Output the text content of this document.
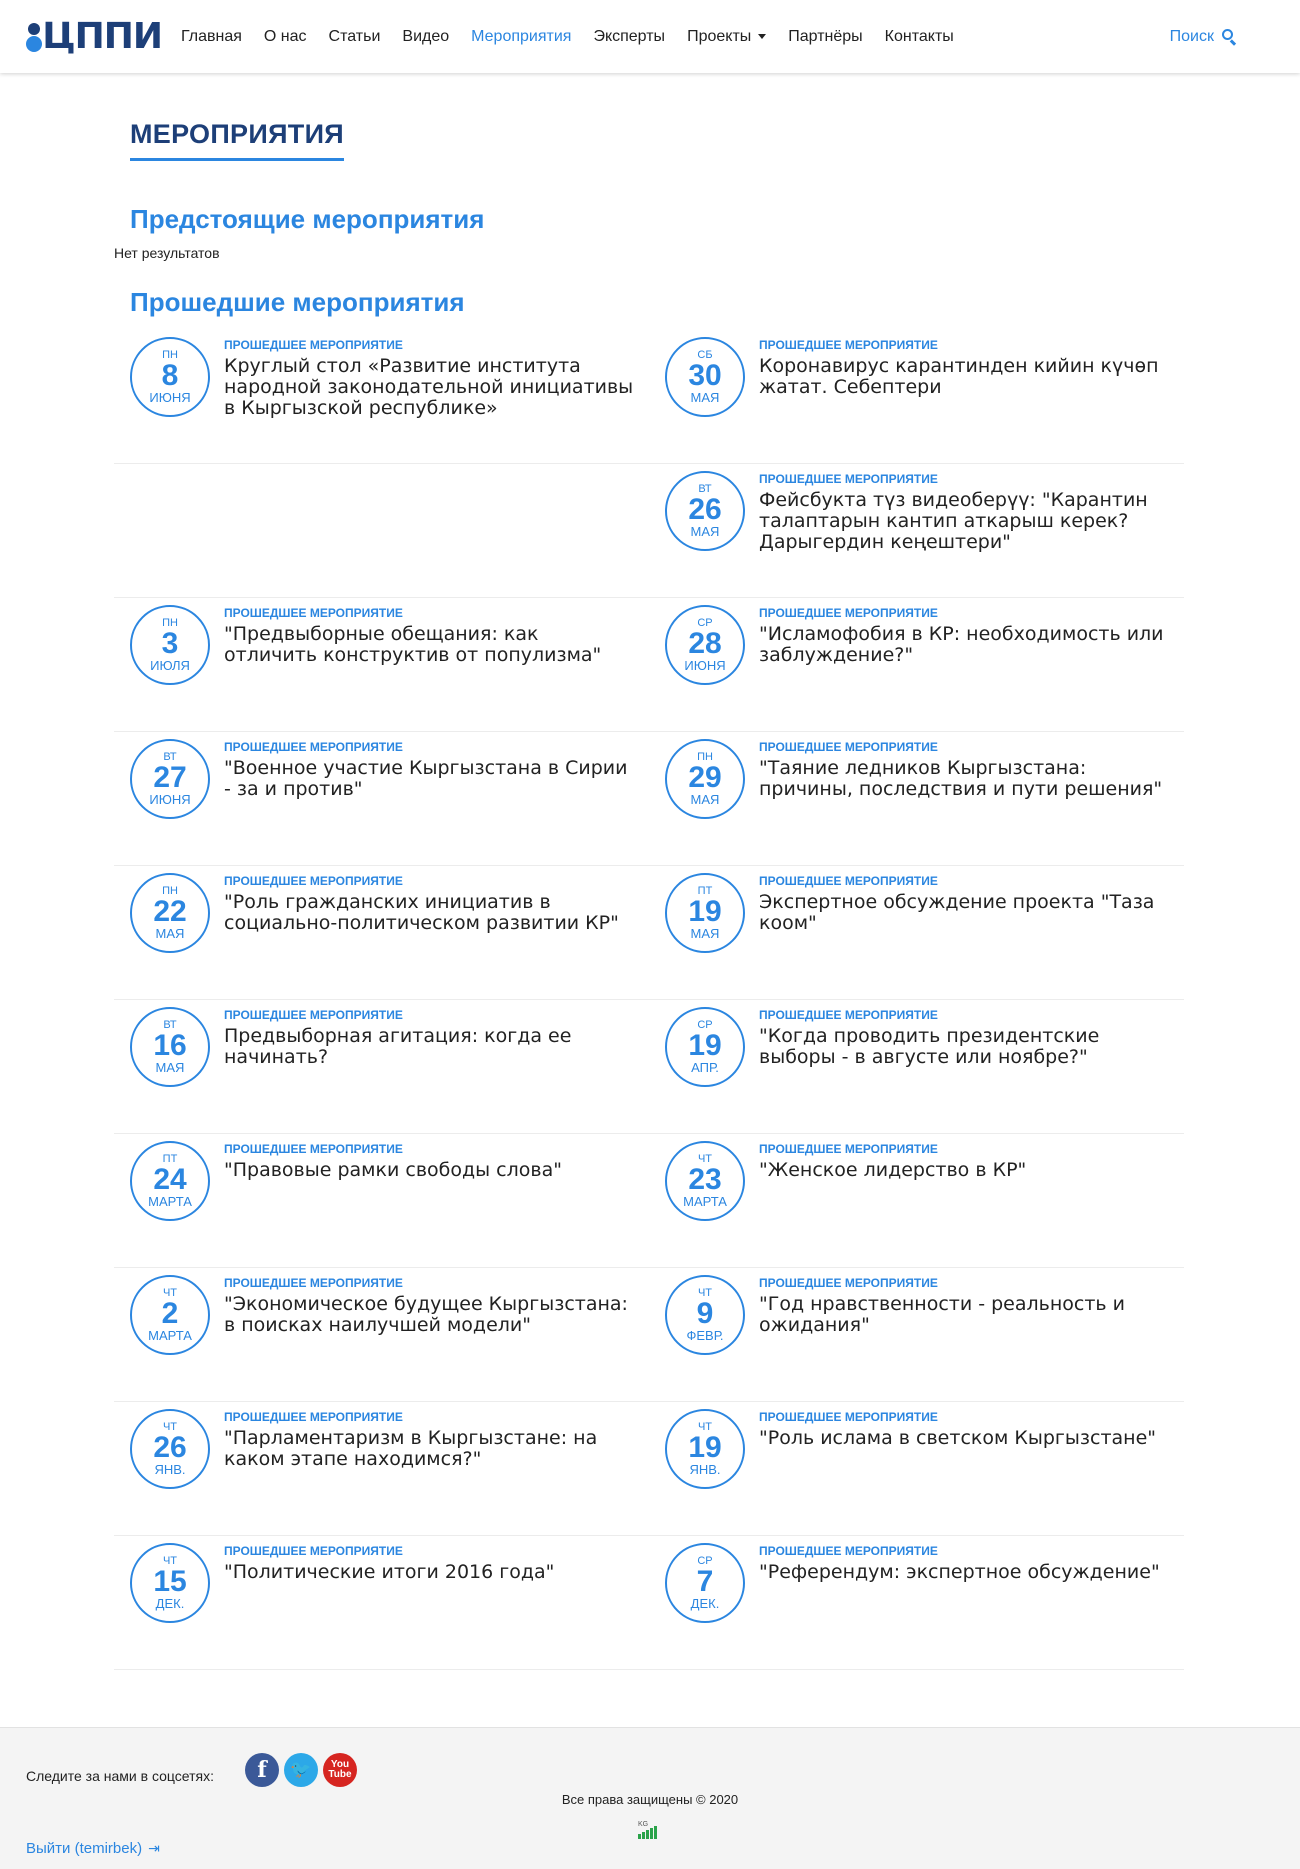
ЦППИ Главная О нас Статьи Видео Мероприятия Эксперты Проекты	Партнёры Контакты	Поиск
МЕРОПРИЯТИЯ
Предстоящие мероприятия
Нет результатов
Прошедшие мероприятия
ПН
8
ИЮНЯ
ПРОШЕДШЕЕ МЕРОПРИЯТИЕ
Круглый стол «Развитие института народной законодательной инициативы в Кыргызской республике»
СБ
30
МАЯ
ПРОШЕДШЕЕ МЕРОПРИЯТИЕ
Коронавирус карантинден кийин күчөп жатат. Себептери
ВТ
26
МАЯ
ПРОШЕДШЕЕ МЕРОПРИЯТИЕ
Фейсбукта түз видеоберүү: "Карантин талаптарын кантип аткарыш керек? Дарыгердин кеңештери"
ПН
3
ИЮЛЯ
ПРОШЕДШЕЕ МЕРОПРИЯТИЕ
"Предвыборные обещания: как отличить конструктив от популизма"
СР
28
ИЮНЯ
ПРОШЕДШЕЕ МЕРОПРИЯТИЕ
"Исламофобия в КР: необходимость или заблуждение?"
ВТ
27
ИЮНЯ
ПРОШЕДШЕЕ МЕРОПРИЯТИЕ
"Военное участие Кыргызстана в Сирии - за и против"
ПН
29
МАЯ
ПРОШЕДШЕЕ МЕРОПРИЯТИЕ
"Таяние ледников Кыргызстана: причины, последствия и пути решения"
ПН
22
МАЯ
ПРОШЕДШЕЕ МЕРОПРИЯТИЕ
"Роль гражданских инициатив в социально-политическом развитии КР"
ПТ
19
МАЯ
ПРОШЕДШЕЕ МЕРОПРИЯТИЕ
Экспертное обсуждение проекта "Таза коом"
ВТ
16
МАЯ
ПРОШЕДШЕЕ МЕРОПРИЯТИЕ
Предвыборная агитация: когда ее начинать?
СР
19
АПР.
ПРОШЕДШЕЕ МЕРОПРИЯТИЕ
"Когда проводить президентские выборы - в августе или ноябре?"
ПТ
24
МАРТА
ПРОШЕДШЕЕ МЕРОПРИЯТИЕ
"Правовые рамки свободы слова"	ЧТ
23
МАРТА
ПРОШЕДШЕЕ МЕРОПРИЯТИЕ
"Женское лидерство в КР"
ЧТ
2
МАРТА
ПРОШЕДШЕЕ МЕРОПРИЯТИЕ
"Экономическое будущее Кыргызстана: в поисках наилучшей модели"
ЧТ
9
ФЕВР.
ПРОШЕДШЕЕ МЕРОПРИЯТИЕ
"Год нравственности - реальность и ожидания"
ЧТ
26
ЯНВ.
ПРОШЕДШЕЕ МЕРОПРИЯТИЕ
"Парламентаризм в Кыргызстане: на каком этапе находимся?"
ЧТ
19
ЯНВ.
ПРОШЕДШЕЕ МЕРОПРИЯТИЕ
"Роль ислама в светском Кыргызстане"
ЧТ
15
ДЕК.
ПРОШЕДШЕЕ МЕРОПРИЯТИЕ
"Политические итоги 2016 года"	СР
7
ДЕК.
ПРОШЕДШЕЕ МЕРОПРИЯТИЕ
"Референдум: экспертное обсуждение"
Следите за нами в соцсетях:	f	🐦	You Tube
Все права защищены © 2020
KG
Выйти (temirbek) ⇥
